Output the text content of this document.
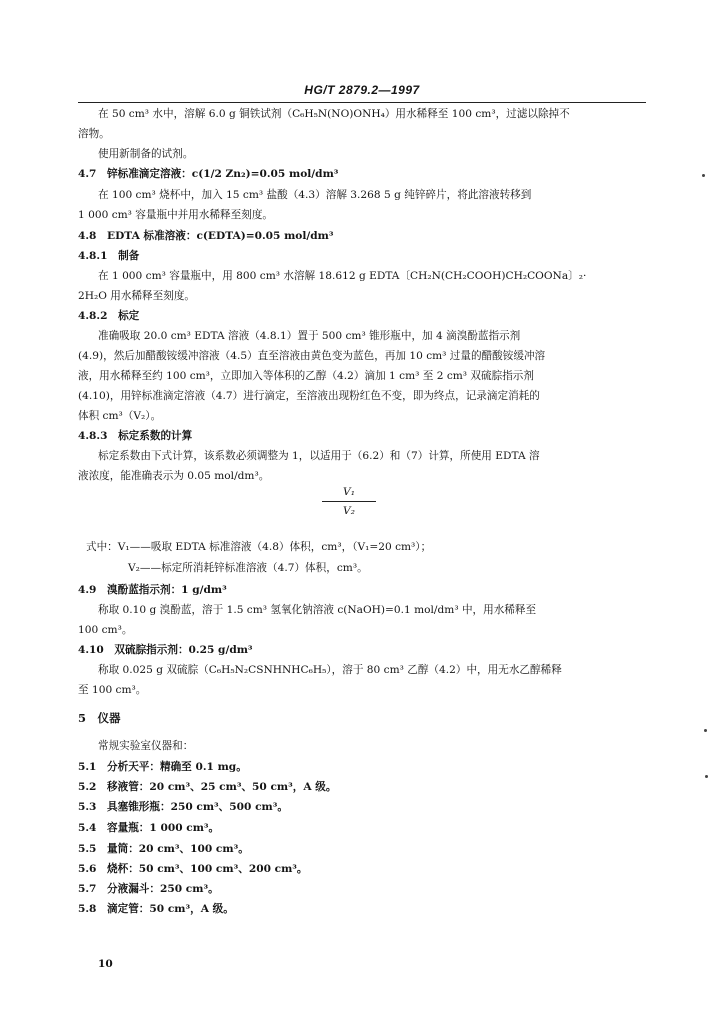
HG/T 2879.2—1997
在 50 cm³ 水中，溶解 6.0 g 铜铁试剂（C₆H₅N(NO)ONH₄）用水稀释至 100 cm³，过滤以除掉不
溶物。
使用新制备的试剂。
4.7　锌标准滴定溶液：c(1/2 Zn₂)=0.05 mol/dm³
在 100 cm³ 烧杯中，加入 15 cm³ 盐酸（4.3）溶解 3.268 5 g 纯锌碎片，将此溶液转移到
1 000 cm³ 容量瓶中并用水稀释至刻度。
4.8　EDTA 标准溶液：c(EDTA)=0.05 mol/dm³
4.8.1　制备
在 1 000 cm³ 容量瓶中，用 800 cm³ 水溶解 18.612 g EDTA〔CH₂N(CH₂COOH)CH₂COONa〕₂·
2H₂O 用水稀释至刻度。
4.8.2　标定
准确吸取 20.0 cm³ EDTA 溶液（4.8.1）置于 500 cm³ 锥形瓶中，加 4 滴溴酚蓝指示剂
(4.9)，然后加醋酸铵缓冲溶液（4.5）直至溶液由黄色变为蓝色，再加 10 cm³ 过量的醋酸铵缓冲溶
液，用水稀释至约 100 cm³，立即加入等体积的乙醇（4.2）滴加 1 cm³ 至 2 cm³ 双硫腙指示剂
(4.10)，用锌标准滴定溶液（4.7）进行滴定，至溶液出现粉红色不变，即为终点，记录滴定消耗的
体积 cm³（V₂）。
4.8.3　标定系数的计算
标定系数由下式计算，该系数必须调整为 1，以适用于（6.2）和（7）计算，所使用 EDTA 溶
液浓度，能准确表示为 0.05 mol/dm³。
V₁
V₂
式中：V₁——吸取 EDTA 标准溶液（4.8）体积，cm³，（V₁=20 cm³）；
V₂——标定所消耗锌标准溶液（4.7）体积，cm³。
4.9　溴酚蓝指示剂：1 g/dm³
称取 0.10 g 溴酚蓝，溶于 1.5 cm³ 氢氧化钠溶液 c(NaOH)=0.1 mol/dm³ 中，用水稀释至
100 cm³。
4.10　双硫腙指示剂：0.25 g/dm³
称取 0.025 g 双硫腙（C₆H₅N₂CSNHNHC₆H₅），溶于 80 cm³ 乙醇（4.2）中，用无水乙醇稀释
至 100 cm³。
5　仪器
常规实验室仪器和：
5.1　分析天平：精确至 0.1 mg。
5.2　移液管：20 cm³、25 cm³、50 cm³，A 级。
5.3　具塞锥形瓶：250 cm³、500 cm³。
5.4　容量瓶：1 000 cm³。
5.5　量筒：20 cm³、100 cm³。
5.6　烧杯：50 cm³、100 cm³、200 cm³。
5.7　分液漏斗：250 cm³。
5.8　滴定管：50 cm³，A 级。
10
